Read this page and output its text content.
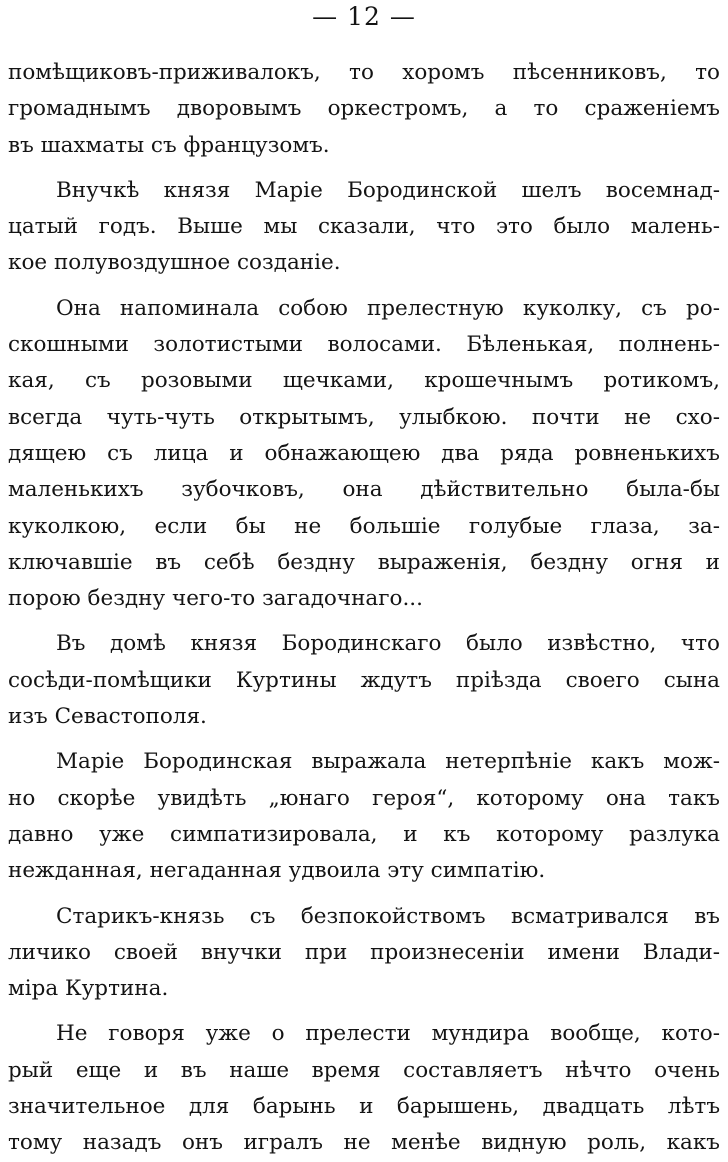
— 12 —
помѣщиковъ-приживалокъ, то хоромъ пѣсенниковъ, то
громаднымъ дворовымъ оркестромъ, а то сраженіемъ
въ шахматы съ французомъ.
Внучкѣ князя Маріе Бородинской шелъ восемнад-
цатый годъ. Выше мы сказали, что это было малень-
кое полувоздушное созданіе.
Она напоминала собою прелестную куколку, съ ро-
скошными золотистыми волосами. Бѣленькая, полнень-
кая, съ розовыми щечками, крошечнымъ ротикомъ,
всегда чуть-чуть открытымъ, улыбкою. почти не схо-
дящею съ лица и обнажающею два ряда ровненькихъ
маленькихъ зубочковъ, она дѣйствительно была-бы
куколкою, если бы не большіе голубые глаза, за-
ключавшіе въ себѣ бездну выраженія, бездну огня и
порою бездну чего-то загадочнаго...
Въ домѣ князя Бородинскаго было извѣстно, что
сосѣди-помѣщики Куртины ждутъ пріѣзда своего сына
изъ Севастополя.
Маріе Бородинская выражала нетерпѣніе какъ мож-
но скорѣе увидѣть „юнаго героя“, которому она такъ
давно уже симпатизировала, и къ которому разлука
нежданная, негаданная удвоила эту симпатію.
Старикъ-князь съ безпокойствомъ всматривался въ
личико своей внучки при произнесеніи имени Влади-
міра Куртина.
Не говоря уже о прелести мундира вообще, кото-
рый еще и въ наше время составляетъ нѣчто очень
значительное для барынь и барышень, двадцать лѣтъ
тому назадъ онъ игралъ не менѣе видную роль, какъ
